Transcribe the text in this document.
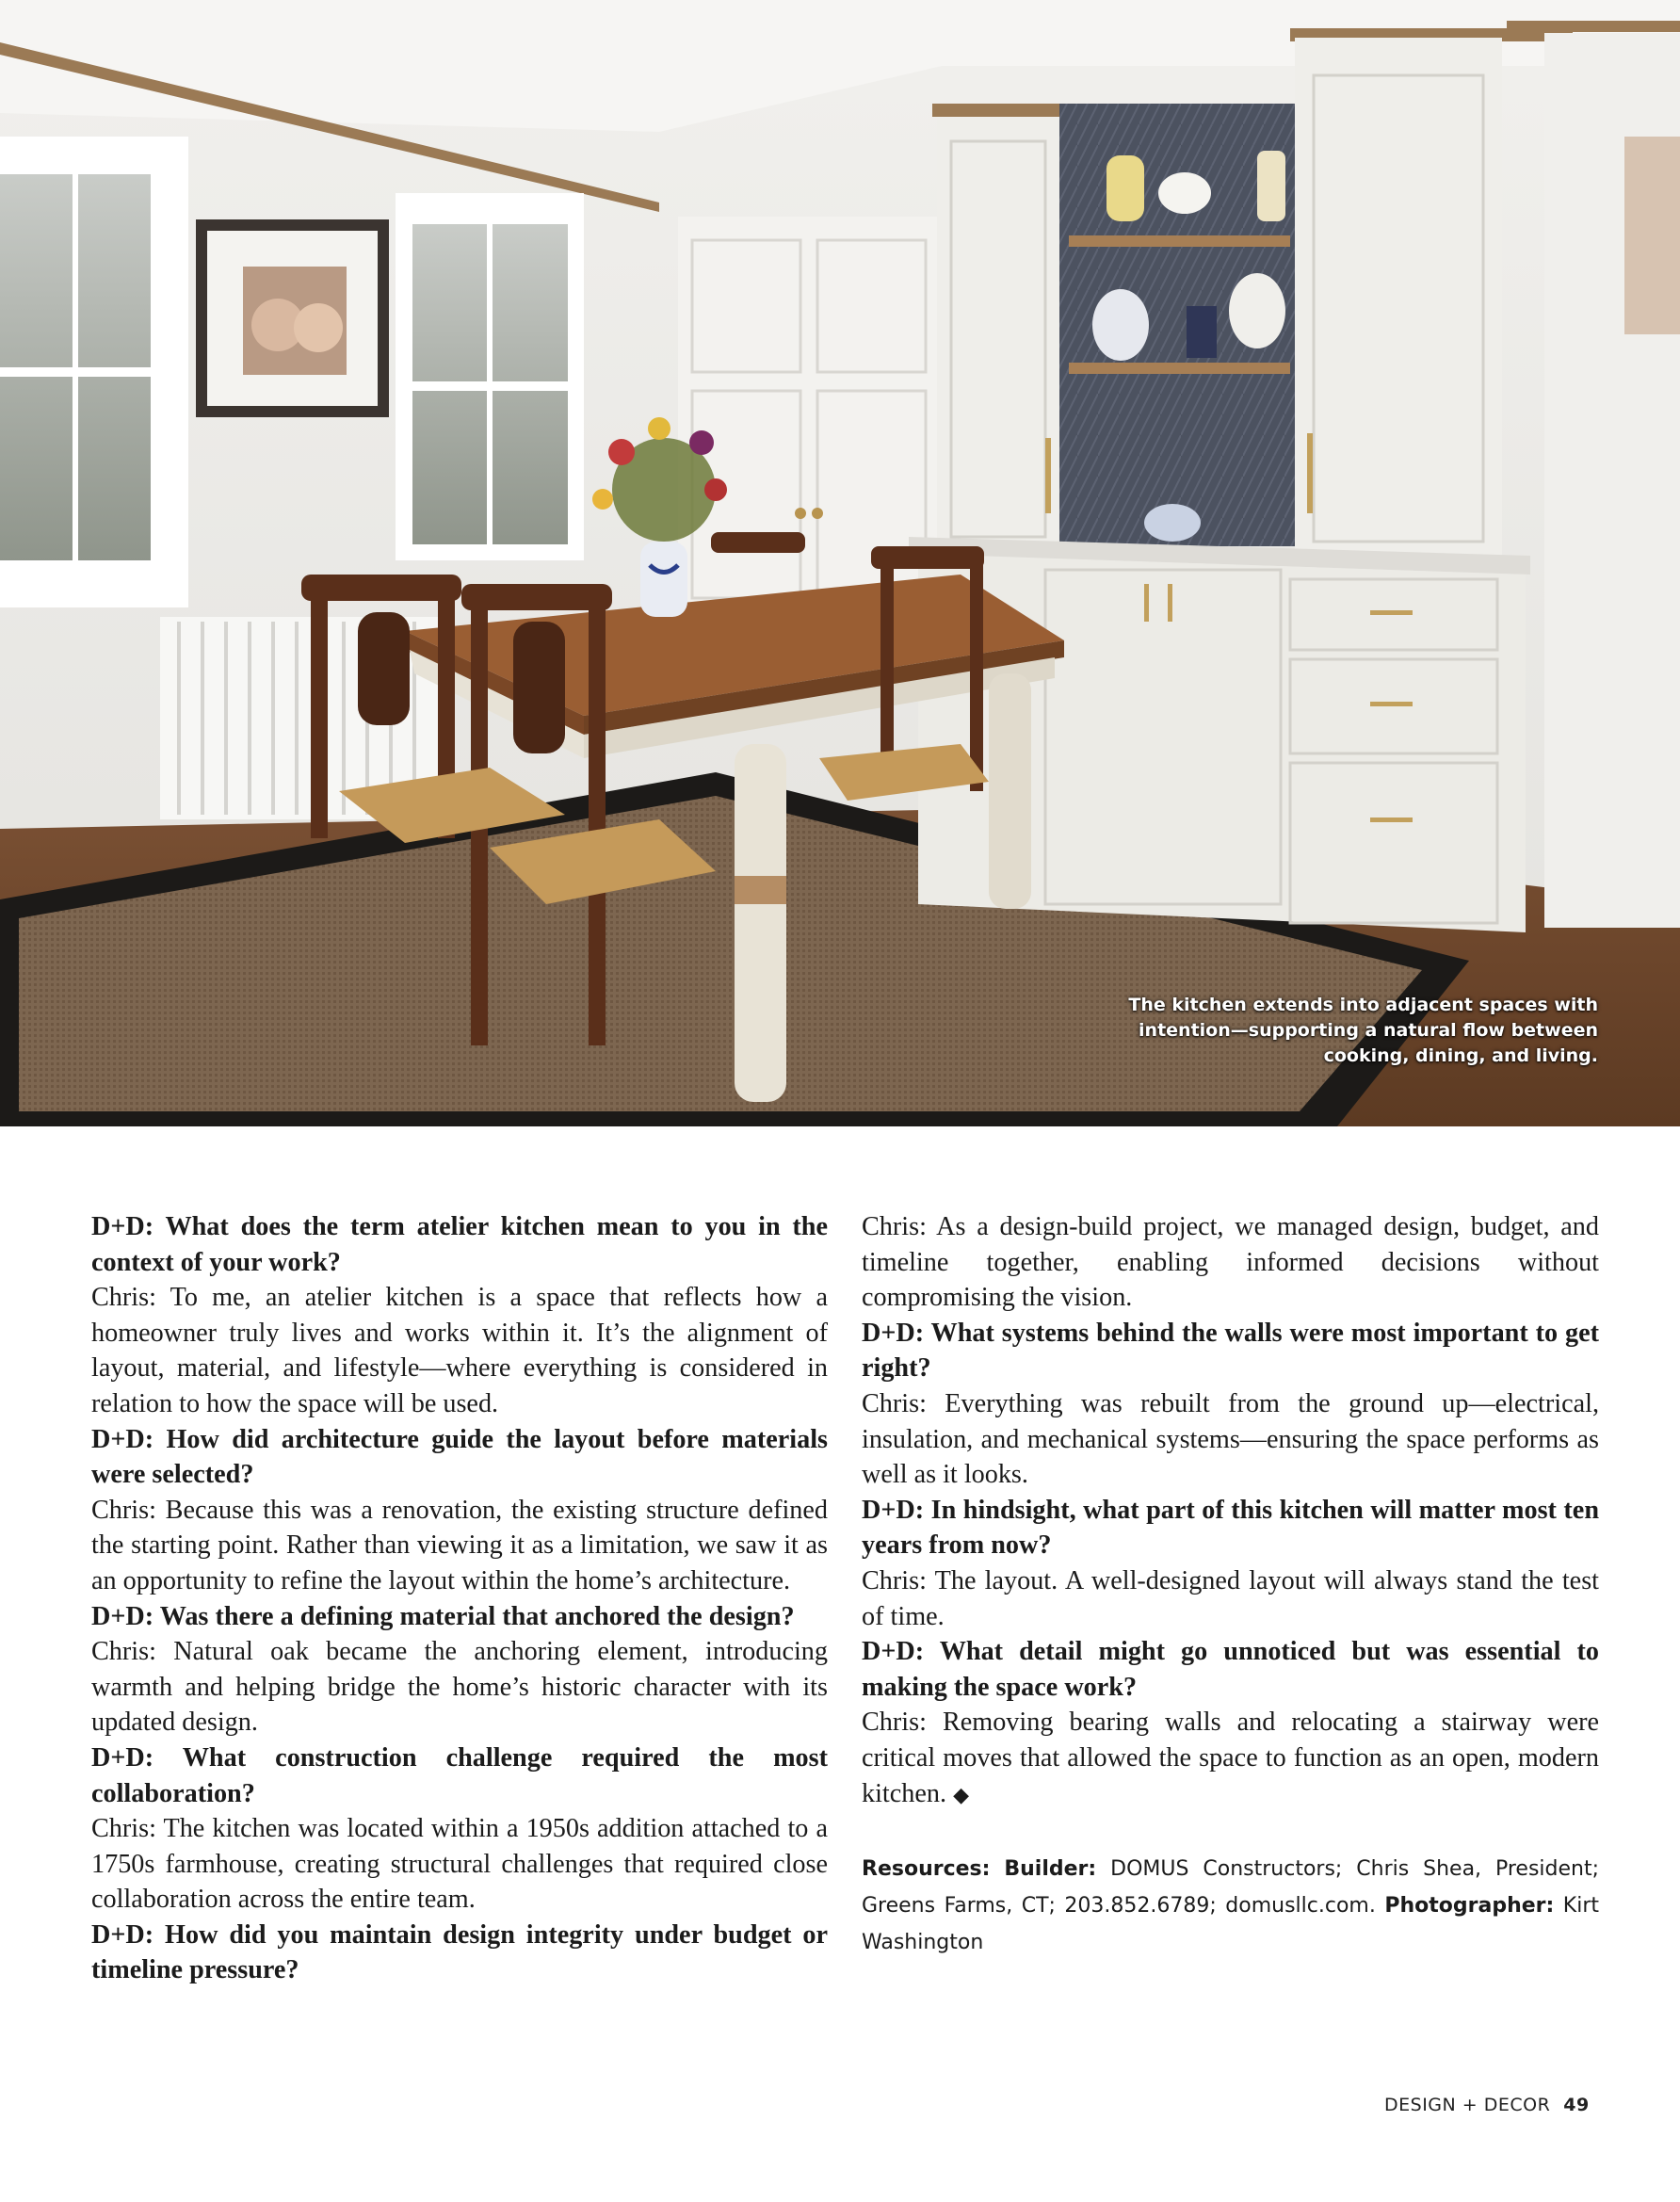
The kitchen extends into adjacent spaces with intention—supporting a natural flow between cooking, dining, and living.
D+D: What does the term atelier kitchen mean to you in the context of your work?
Chris: To me, an atelier kitchen is a space that reflects how a homeowner truly lives and works within it. It’s the alignment of layout, material, and lifestyle—where everything is considered in relation to how the space will be used.
D+D: How did architecture guide the layout before materials were selected?
Chris: Because this was a renovation, the existing structure defined the starting point. Rather than viewing it as a limitation, we saw it as an opportunity to refine the layout within the home’s architecture.
D+D: Was there a defining material that anchored the design?
Chris: Natural oak became the anchoring element, introducing warmth and helping bridge the home’s historic character with its updated design.
D+D: What construction challenge required the most collaboration?
Chris: The kitchen was located within a 1950s addition attached to a 1750s farmhouse, creating structural challenges that required close collaboration across the entire team.
D+D: How did you maintain design integrity under budget or timeline pressure?
Chris: As a design-build project, we managed design, budget, and timeline together, enabling informed decisions without compromising the vision.
D+D: What systems behind the walls were most important to get right?
Chris: Everything was rebuilt from the ground up—electrical, insulation, and mechanical systems—ensuring the space performs as well as it looks.
D+D: In hindsight, what part of this kitchen will matter most ten years from now?
Chris: The layout. A well-designed layout will always stand the test of time.
D+D: What detail might go unnoticed but was essential to making the space work?
Chris: Removing bearing walls and relocating a stairway were critical moves that allowed the space to function as an open, modern kitchen. ◆
Resources: Builder: DOMUS Constructors; Chris Shea, President; Greens Farms, CT; 203.852.6789; domusllc.com. Photographer: Kirt Washington
DESIGN + DECOR 49
